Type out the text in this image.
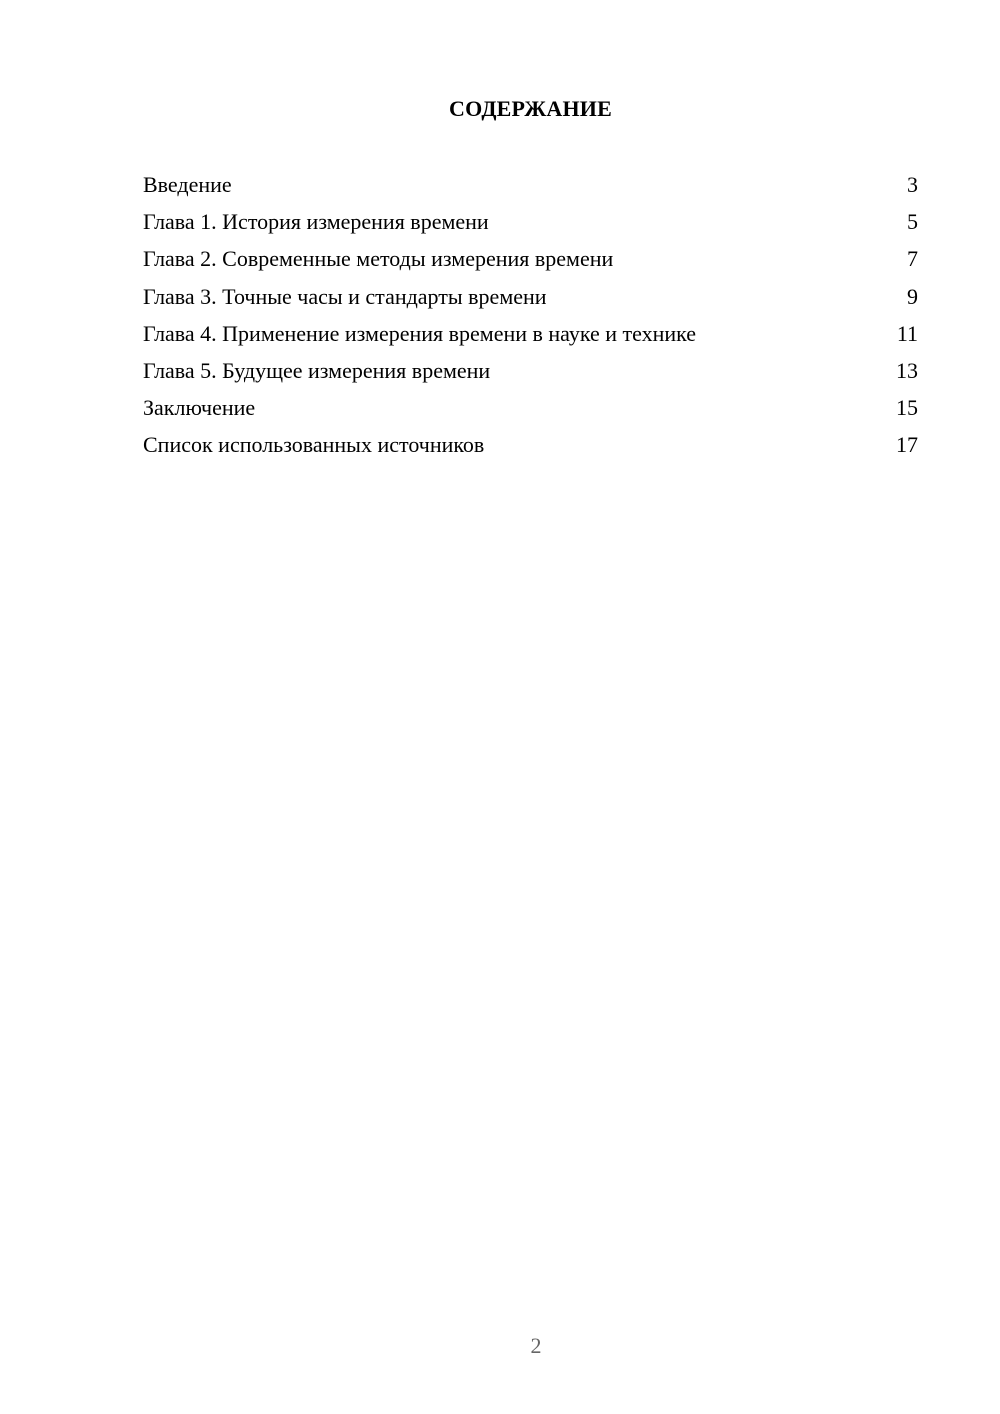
СОДЕРЖАНИЕ
Введение	3
Глава 1. История измерения времени	5
Глава 2. Современные методы измерения времени	7
Глава 3. Точные часы и стандарты времени	9
Глава 4. Применение измерения времени в науке и технике	11
Глава 5. Будущее измерения времени	13
Заключение	15
Список использованных источников	17
2
